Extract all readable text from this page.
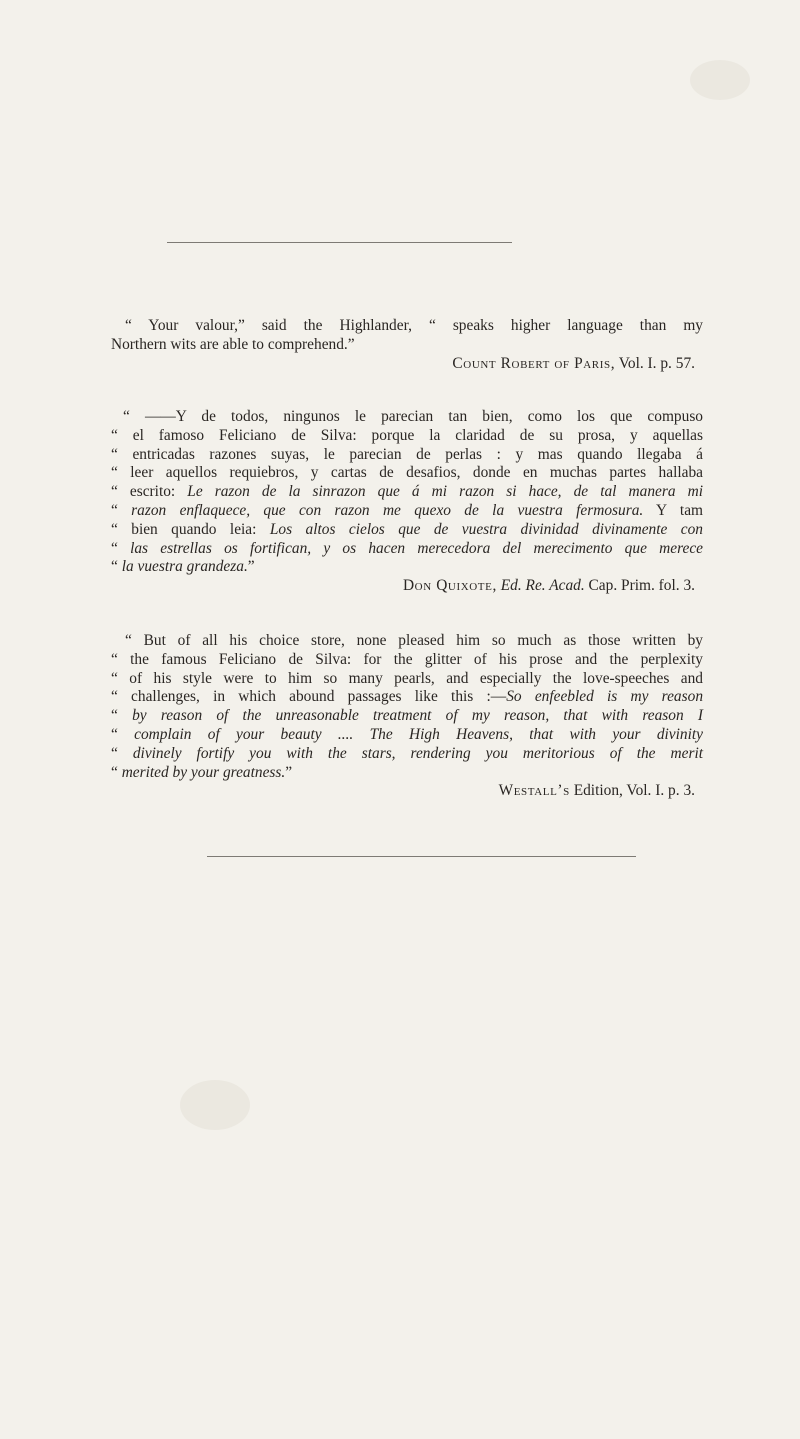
“ Your valour,” said the Highlander, “ speaks higher language than my
Northern wits are able to comprehend.”
Count Robert of Paris, Vol. I. p. 57.
“ ——Y de todos, ningunos le parecian tan bien, como los que compuso
“ el famoso Feliciano de Silva: porque la claridad de su prosa, y aquellas
“ entricadas razones suyas, le parecian de perlas : y mas quando llegaba á
“ leer aquellos requiebros, y cartas de desafios, donde en muchas partes hallaba
“ escrito: Le razon de la sinrazon que á mi razon si hace, de tal manera mi
“ razon enflaquece, que con razon me quexo de la vuestra fermosura. Y tam
“ bien quando leia: Los altos cielos que de vuestra divinidad divinamente con
“ las estrellas os fortifican, y os hacen merecedora del merecimento que merece
“ la vuestra grandeza.”
Don Quixote, Ed. Re. Acad. Cap. Prim. fol. 3.
“ But of all his choice store, none pleased him so much as those written by
“ the famous Feliciano de Silva: for the glitter of his prose and the perplexity
“ of his style were to him so many pearls, and especially the love-speeches and
“ challenges, in which abound passages like this :—So enfeebled is my reason
“ by reason of the unreasonable treatment of my reason, that with reason I
“ complain of your beauty .... The High Heavens, that with your divinity
“ divinely fortify you with the stars, rendering you meritorious of the merit
“ merited by your greatness.”
Westall’s Edition, Vol. I. p. 3.
